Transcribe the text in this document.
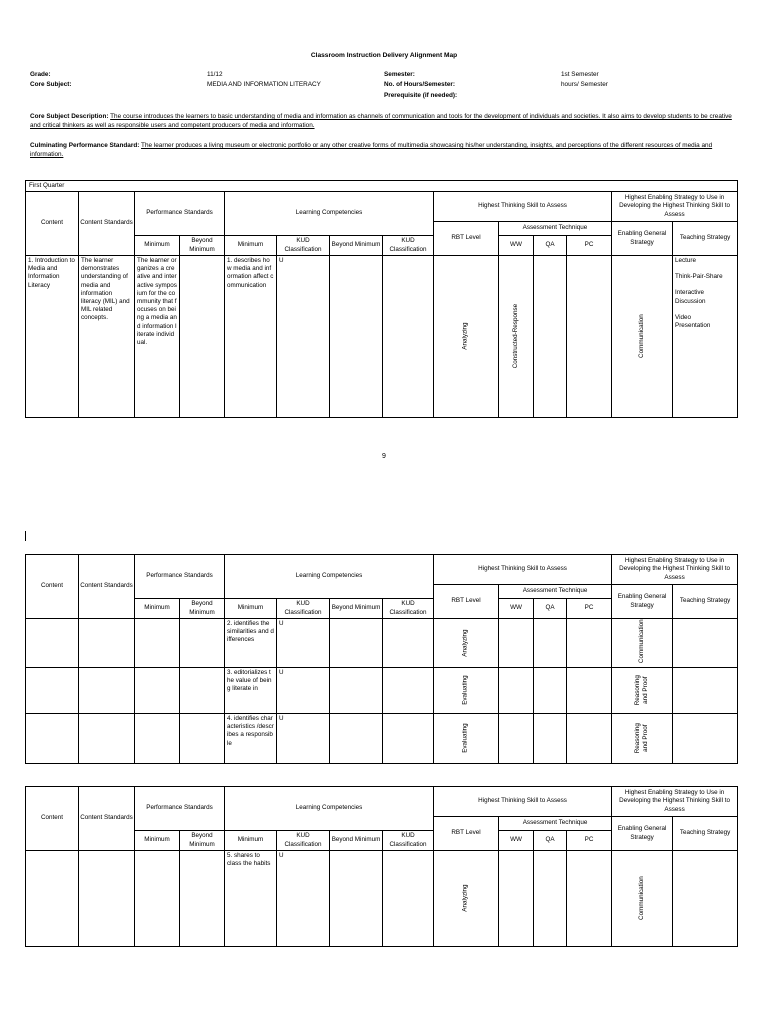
Classroom Instruction Delivery Alignment Map
Grade:	11/12	Semester:	1st Semester
Core Subject:	MEDIA AND INFORMATION LITERACY	No. of Hours/Semester:	hours/ Semester
Prerequisite (if needed):
Core Subject Description: The course introduces the learners to basic understanding of media and information as channels of communication and tools for the development of individuals and societies. It also aims to develop students to be creative and critical thinkers as well as responsible users and competent producers of media and information.
Culminating Performance Standard: The learner produces a living museum or electronic portfolio or any other creative forms of multimedia showcasing his/her understanding, insights, and perceptions of the different resources of media and information.
First Quarter													
Content	Content Standards	Performance Standards		Learning Competencies				Highest Thinking Skill to Assess				Highest Enabling Strategy to Use in Developing the Highest Thinking Skill to Assess	
								RBT Level	Assessment Technique			Enabling General Strategy	Teaching Strategy
		Minimum	Beyond Minimum	Minimum	KUD Classification	Beyond Minimum	KUD Classification		WW	QA	PC		
1. Introduction to Media and Information Literacy	The learner demonstrates understanding of media and information literacy (MIL) and MIL related concepts.	The learner organizes a creative and interactive symposium for the community that focuses on being a media and information literate individual.		1. describes how media and information affect communication	U			Analyzing	Constructed-Response			Communication	Lecture
Think-Pair-Share
Interactive Discussion
Video Presentation
9
Content	Content Standards	Performance Standards		Learning Competencies				Highest Thinking Skill to Assess				Highest Enabling Strategy to Use in Developing the Highest Thinking Skill to Assess	
								RBT Level	Assessment Technique			Enabling General Strategy	Teaching Strategy
		Minimum	Beyond Minimum	Minimum	KUD Classification	Beyond Minimum	KUD Classification		WW	QA	PC		

				2. identifies the similarities and differences	U			Analyzing				Communication	

				3. editorializes the value of being literate in	U			Evaluating				Reasoning and Proof	

				4. identifies characteristics /describes a responsible	U			Evaluating				Reasoning and Proof	

Content	Content Standards	Performance Standards		Learning Competencies				Highest Thinking Skill to Assess				Highest Enabling Strategy to Use in Developing the Highest Thinking Skill to Assess	
								RBT Level	Assessment Technique			Enabling General Strategy	Teaching Strategy
		Minimum	Beyond Minimum	Minimum	KUD Classification	Beyond Minimum	KUD Classification		WW	QA	PC		
				5. shares to class the habits	U			Analyzing				Communication	
